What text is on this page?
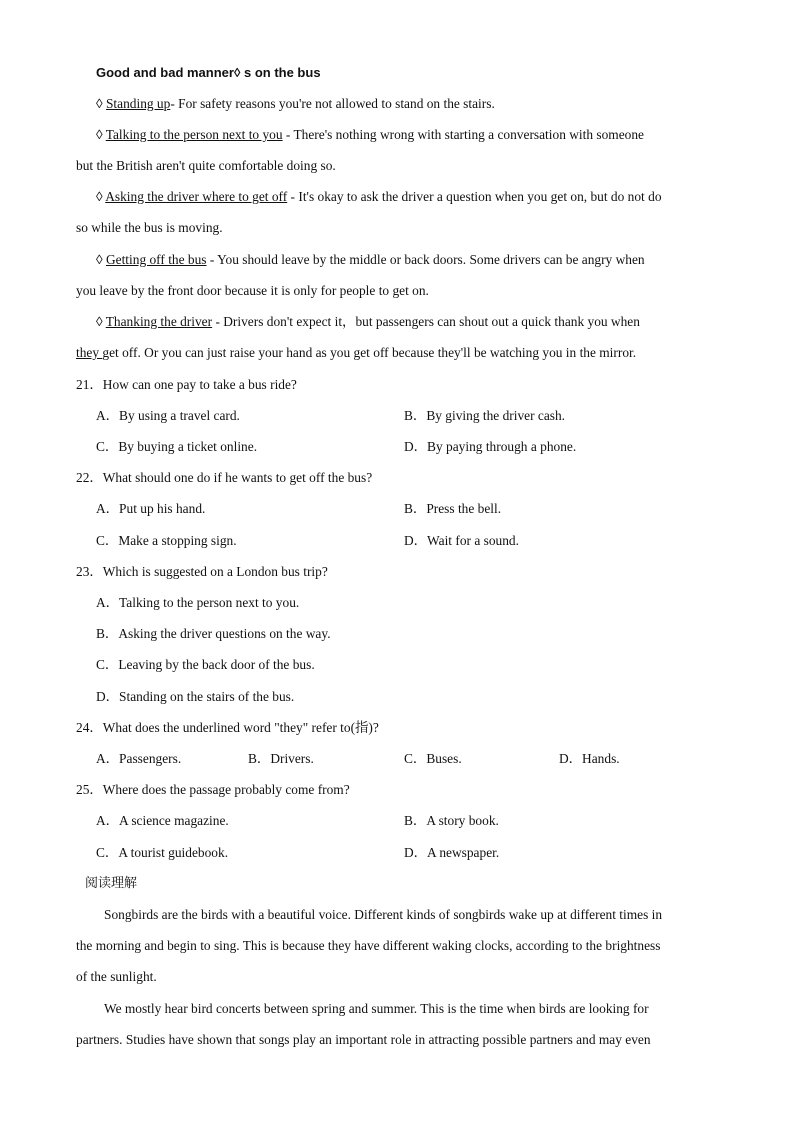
Good and bad manner◊ s on the bus
◊ Standing up- For safety reasons you're not allowed to stand on the stairs.
◊ Talking to the person next to you - There's nothing wrong with starting a conversation with someone
but the British aren't quite comfortable doing so.
◊ Asking the driver where to get off - It's okay to ask the driver a question when you get on, but do not do
so while the bus is moving.
◊ Getting off the bus - You should leave by the middle or back doors. Some drivers can be angry when
you leave by the front door because it is only for people to get on.
◊ Thanking the driver - Drivers don't expect it，but passengers can shout out a quick thank you when
they get off. Or you can just raise your hand as you get off because they'll be watching you in the mirror.
21．How can one pay to take a bus ride?
A．By using a travel card.	B．By giving the driver cash.
C．By buying a ticket online.	D．By paying through a phone.
22．What should one do if he wants to get off the bus?
A．Put up his hand.	B．Press the bell.
C．Make a stopping sign.	D．Wait for a sound.
23．Which is suggested on a London bus trip?
A．Talking to the person next to you.
B．Asking the driver questions on the way.
C．Leaving by the back door of the bus.
D．Standing on the stairs of the bus.
24．What does the underlined word "they" refer to(指)?
A．Passengers.	B．Drivers.	C．Buses.	D．Hands.
25．Where does the passage probably come from?
A．A science magazine.	B．A story book.
C．A tourist guidebook.	D．A newspaper.
阅读理解
Songbirds are the birds with a beautiful voice. Different kinds of songbirds wake up at different times in
the morning and begin to sing. This is because they have different waking clocks, according to the brightness
of the sunlight.
We mostly hear bird concerts between spring and summer. This is the time when birds are looking for
partners. Studies have shown that songs play an important role in attracting possible partners and may even
